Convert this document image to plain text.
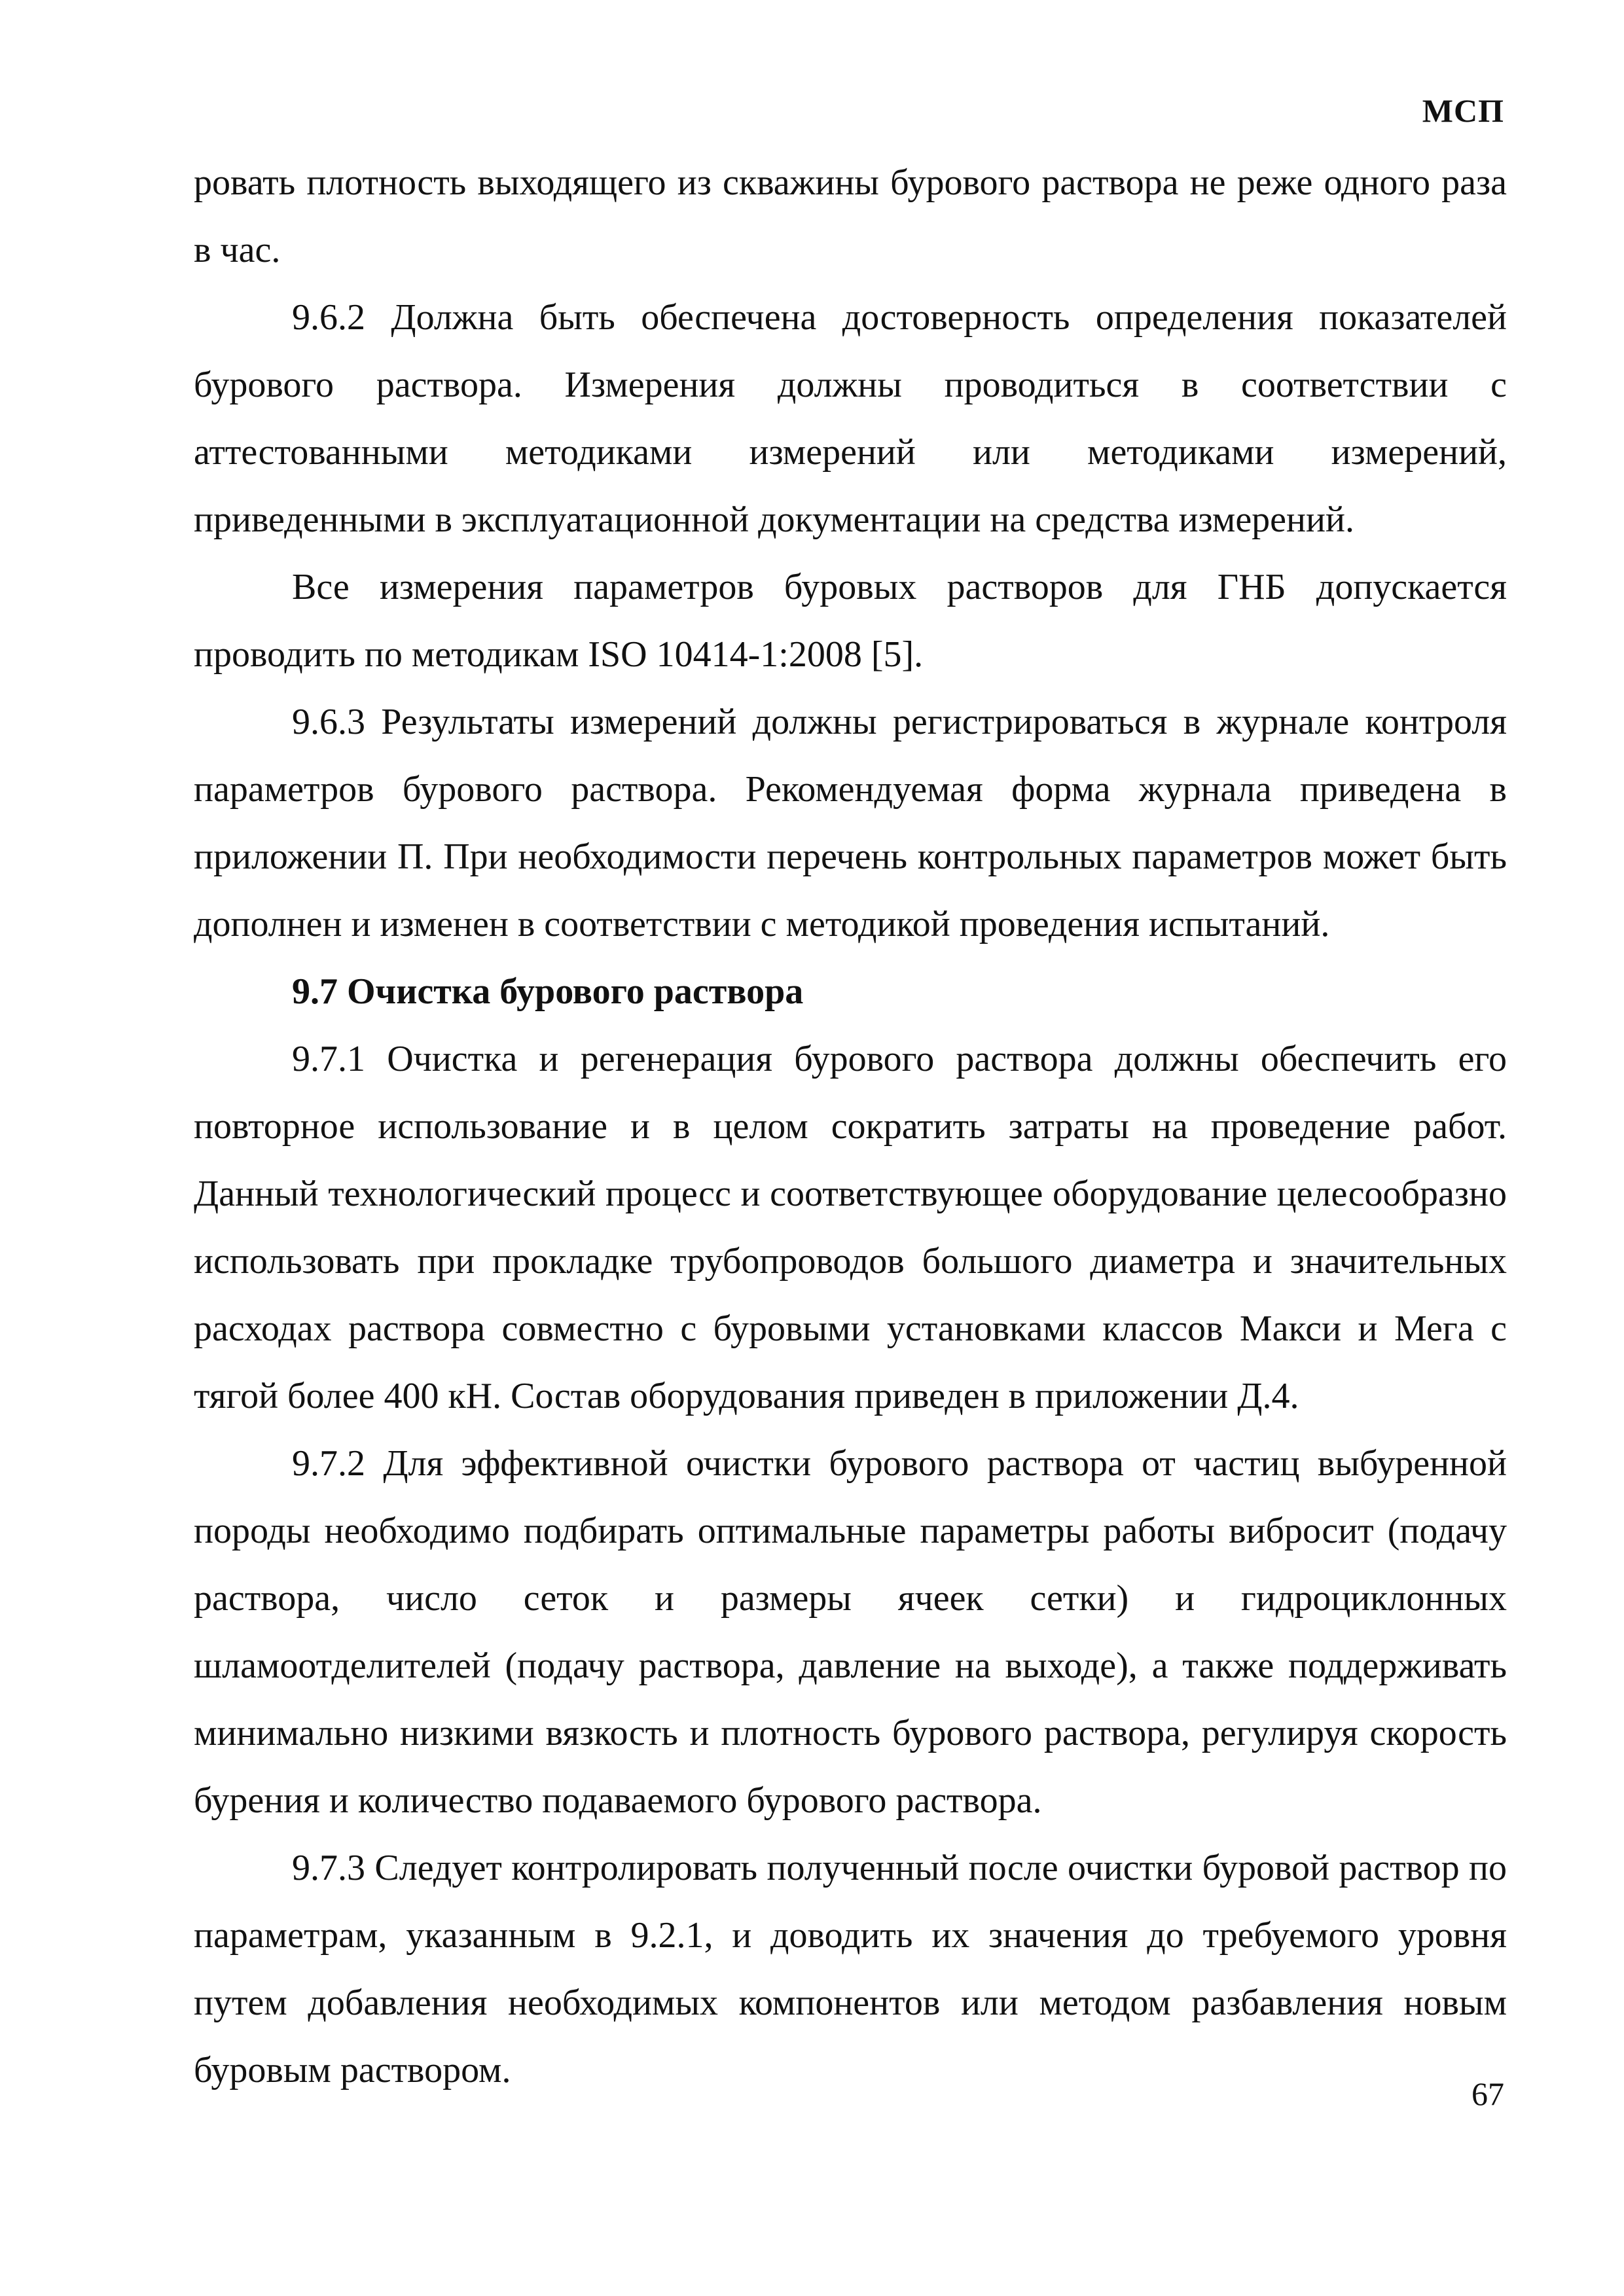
МСП

ровать плотность выходящего из скважины бурового раствора не реже одного раза в час.

9.6.2 Должна быть обеспечена достоверность определения показателей бурового раствора. Измерения должны проводиться в соответствии с аттестованными методиками измерений или методиками измерений, приведенными в эксплуатационной документации на средства измерений.

Все измерения параметров буровых растворов для ГНБ допускается проводить по методикам ISO 10414-1:2008 [5].

9.6.3 Результаты измерений должны регистрироваться в журнале контроля параметров бурового раствора. Рекомендуемая форма журнала приведена в приложении П. При необходимости перечень контрольных параметров может быть дополнен и изменен в соответствии с методикой проведения испытаний.

9.7 Очистка бурового раствора

9.7.1 Очистка и регенерация бурового раствора должны обеспечить его повторное использование и в целом сократить затраты на проведение работ. Данный технологический процесс и соответствующее оборудование целесообразно использовать при прокладке трубопроводов большого диаметра и значительных расходах раствора совместно с буровыми установками классов Макси и Мега с тягой более 400 кН. Состав оборудования приведен в приложении Д.4.

9.7.2 Для эффективной очистки бурового раствора от частиц выбуренной породы необходимо подбирать оптимальные параметры работы вибросит (подачу раствора, число сеток и размеры ячеек сетки) и гидроциклонных шламоотделителей (подачу раствора, давление на выходе), а также поддерживать минимально низкими вязкость и плотность бурового раствора, регулируя скорость бурения и количество подаваемого бурового раствора.

9.7.3 Следует контролировать полученный после очистки буровой раствор по параметрам, указанным в 9.2.1, и доводить их значения до требуемого уровня путем добавления необходимых компонентов или методом разбавления новым буровым раствором.

67
